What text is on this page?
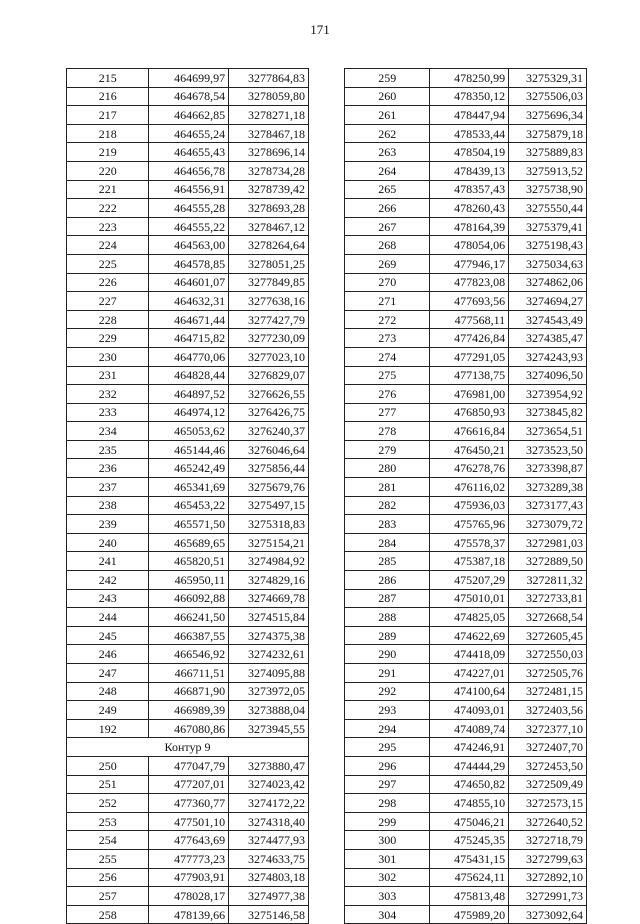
171
215	464699,97	3277864,83
216	464678,54	3278059,80
217	464662,85	3278271,18
218	464655,24	3278467,18
219	464655,43	3278696,14
220	464656,78	3278734,28
221	464556,91	3278739,42
222	464555,28	3278693,28
223	464555,22	3278467,12
224	464563,00	3278264,64
225	464578,85	3278051,25
226	464601,07	3277849,85
227	464632,31	3277638,16
228	464671,44	3277427,79
229	464715,82	3277230,09
230	464770,06	3277023,10
231	464828,44	3276829,07
232	464897,52	3276626,55
233	464974,12	3276426,75
234	465053,62	3276240,37
235	465144,46	3276046,64
236	465242,49	3275856,44
237	465341,69	3275679,76
238	465453,22	3275497,15
239	465571,50	3275318,83
240	465689,65	3275154,21
241	465820,51	3274984,92
242	465950,11	3274829,16
243	466092,88	3274669,78
244	466241,50	3274515,84
245	466387,55	3274375,38
246	466546,92	3274232,61
247	466711,51	3274095,88
248	466871,90	3273972,05
249	466989,39	3273888,04
192	467080,86	3273945,55
Контур 9		
250	477047,79	3273880,47
251	477207,01	3274023,42
252	477360,77	3274172,22
253	477501,10	3274318,40
254	477643,69	3274477,93
255	477773,23	3274633,75
256	477903,91	3274803,18
257	478028,17	3274977,38
258	478139,66	3275146,58
259	478250,99	3275329,31
260	478350,12	3275506,03
261	478447,94	3275696,34
262	478533,44	3275879,18
263	478504,19	3275889,83
264	478439,13	3275913,52
265	478357,43	3275738,90
266	478260,43	3275550,44
267	478164,39	3275379,41
268	478054,06	3275198,43
269	477946,17	3275034,63
270	477823,08	3274862,06
271	477693,56	3274694,27
272	477568,11	3274543,49
273	477426,84	3274385,47
274	477291,05	3274243,93
275	477138,75	3274096,50
276	476981,00	3273954,92
277	476850,93	3273845,82
278	476616,84	3273654,51
279	476450,21	3273523,50
280	476278,76	3273398,87
281	476116,02	3273289,38
282	475936,03	3273177,43
283	475765,96	3273079,72
284	475578,37	3272981,03
285	475387,18	3272889,50
286	475207,29	3272811,32
287	475010,01	3272733,81
288	474825,05	3272668,54
289	474622,69	3272605,45
290	474418,09	3272550,03
291	474227,01	3272505,76
292	474100,64	3272481,15
293	474093,01	3272403,56
294	474089,74	3272377,10
295	474246,91	3272407,70
296	474444,29	3272453,50
297	474650,82	3272509,49
298	474855,10	3272573,15
299	475046,21	3272640,52
300	475245,35	3272718,79
301	475431,15	3272799,63
302	475624,11	3272892,10
303	475813,48	3272991,73
304	475989,20	3273092,64
